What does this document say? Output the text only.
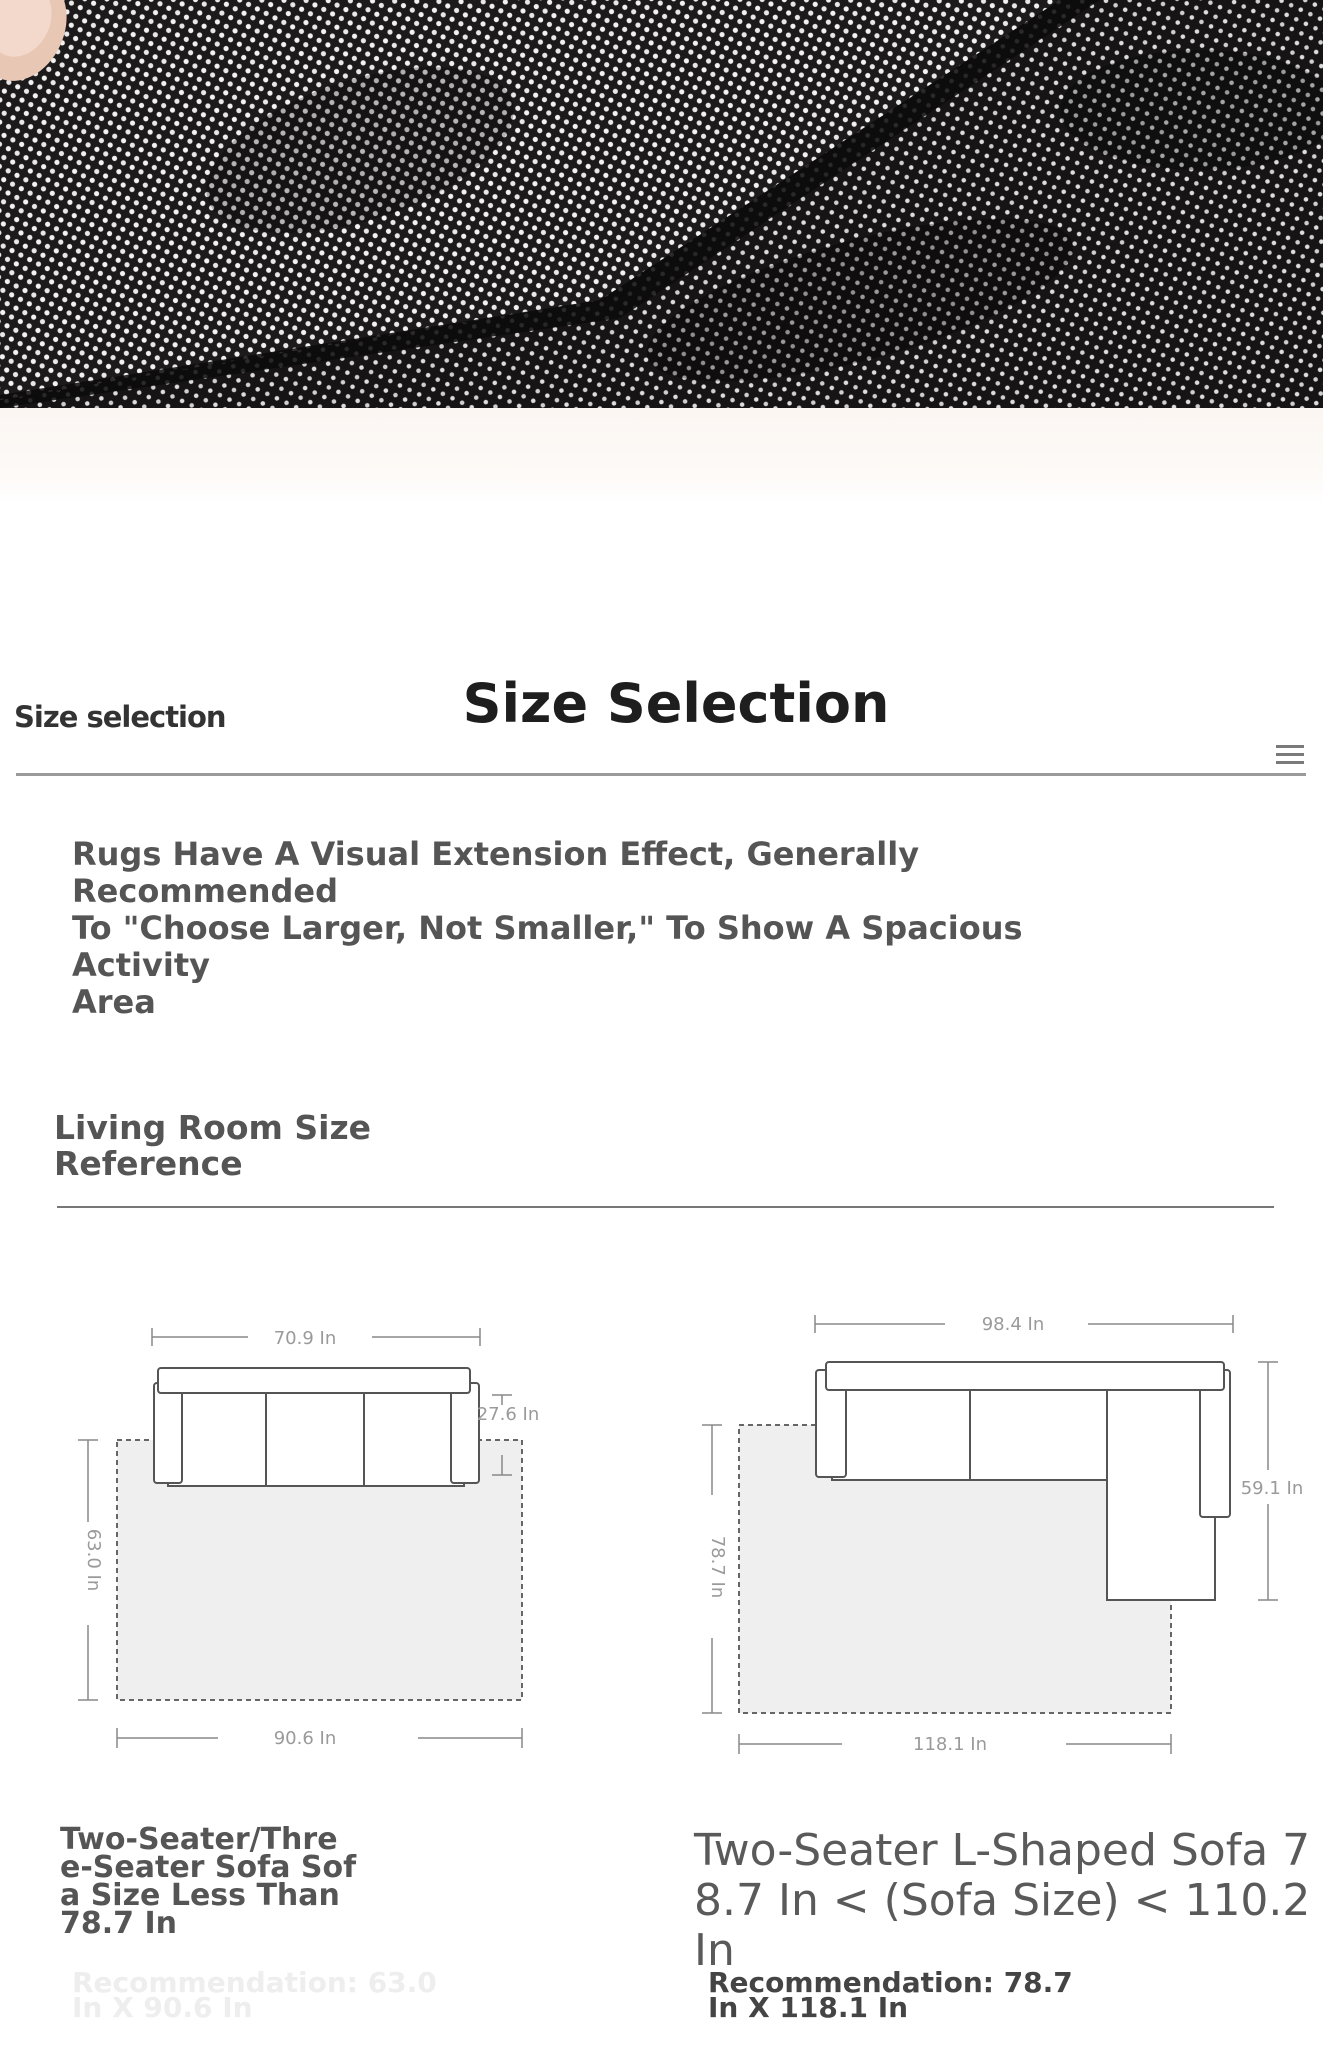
Size selection	Size Selection
Rugs Have A Visual Extension Effect, Generally Recommended
To "Choose Larger, Not Smaller," To Show A Spacious Activity
Area
Living Room Size
Reference
70.9 In
27.6 In
63.0 In
90.6 In
98.4 In
59.1 In
78.7 In
118.1 In
Two-Seater/Thre
e-Seater Sofa Sof
a Size Less Than
78.7 In
Two-Seater L-Shaped Sofa 7
8.7 In < (Sofa Size) < 110.2 In
Recommendation: 63.0
In X 90.6 In
Recommendation: 78.7
In X 118.1 In
